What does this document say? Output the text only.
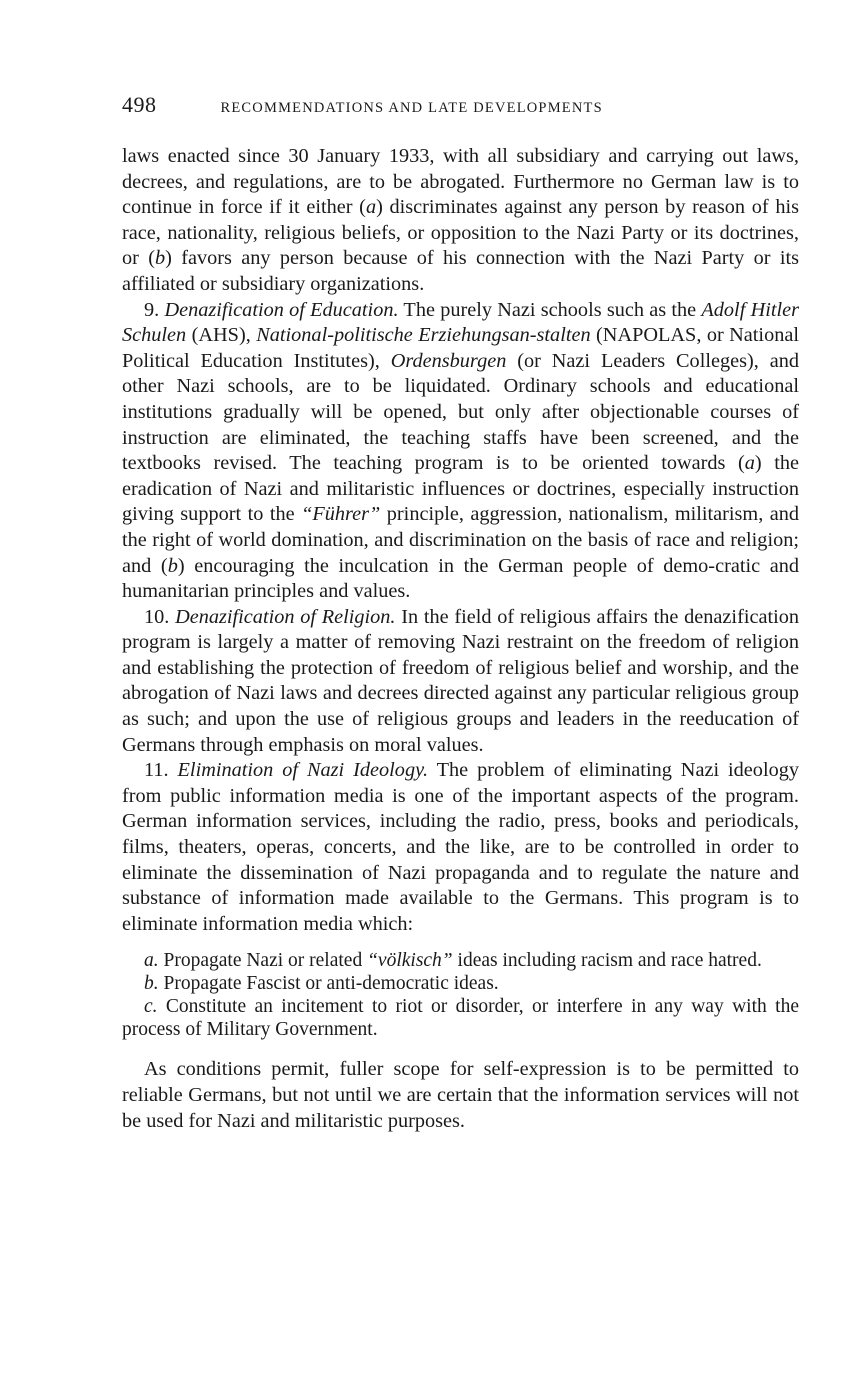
498	RECOMMENDATIONS AND LATE DEVELOPMENTS

laws enacted since 30 January 1933, with all subsidiary and carrying out laws, decrees, and regulations, are to be abrogated. Furthermore no German law is to continue in force if it either (a) discriminates against any person by reason of his race, nationality, religious beliefs, or opposition to the Nazi Party or its doctrines, or (b) favors any person because of his connection with the Nazi Party or its affiliated or subsidiary organizations.

9. Denazification of Education. The purely Nazi schools such as the Adolf Hitler Schulen (AHS), National-politische Erziehungsan-stalten (NAPOLAS, or National Political Education Institutes), Ordensburgen (or Nazi Leaders Colleges), and other Nazi schools, are to be liquidated. Ordinary schools and educational institutions gradually will be opened, but only after objectionable courses of instruction are eliminated, the teaching staffs have been screened, and the textbooks revised. The teaching program is to be oriented towards (a) the eradication of Nazi and militaristic influences or doctrines, especially instruction giving support to the “Führer” principle, aggression, nationalism, militarism, and the right of world domination, and discrimination on the basis of race and religion; and (b) encouraging the inculcation in the German people of demo-cratic and humanitarian principles and values.

10. Denazification of Religion. In the field of religious affairs the denazification program is largely a matter of removing Nazi restraint on the freedom of religion and establishing the protection of freedom of religious belief and worship, and the abrogation of Nazi laws and decrees directed against any particular religious group as such; and upon the use of religious groups and leaders in the reeducation of Germans through emphasis on moral values.

11. Elimination of Nazi Ideology. The problem of eliminating Nazi ideology from public information media is one of the important aspects of the program. German information services, including the radio, press, books and periodicals, films, theaters, operas, concerts, and the like, are to be controlled in order to eliminate the dissemination of Nazi propaganda and to regulate the nature and substance of information made available to the Germans. This program is to eliminate information media which:

a. Propagate Nazi or related “völkisch” ideas including racism and race hatred.

b. Propagate Fascist or anti-democratic ideas.

c. Constitute an incitement to riot or disorder, or interfere in any way with the process of Military Government.

As conditions permit, fuller scope for self-expression is to be permitted to reliable Germans, but not until we are certain that the information services will not be used for Nazi and militaristic purposes.
